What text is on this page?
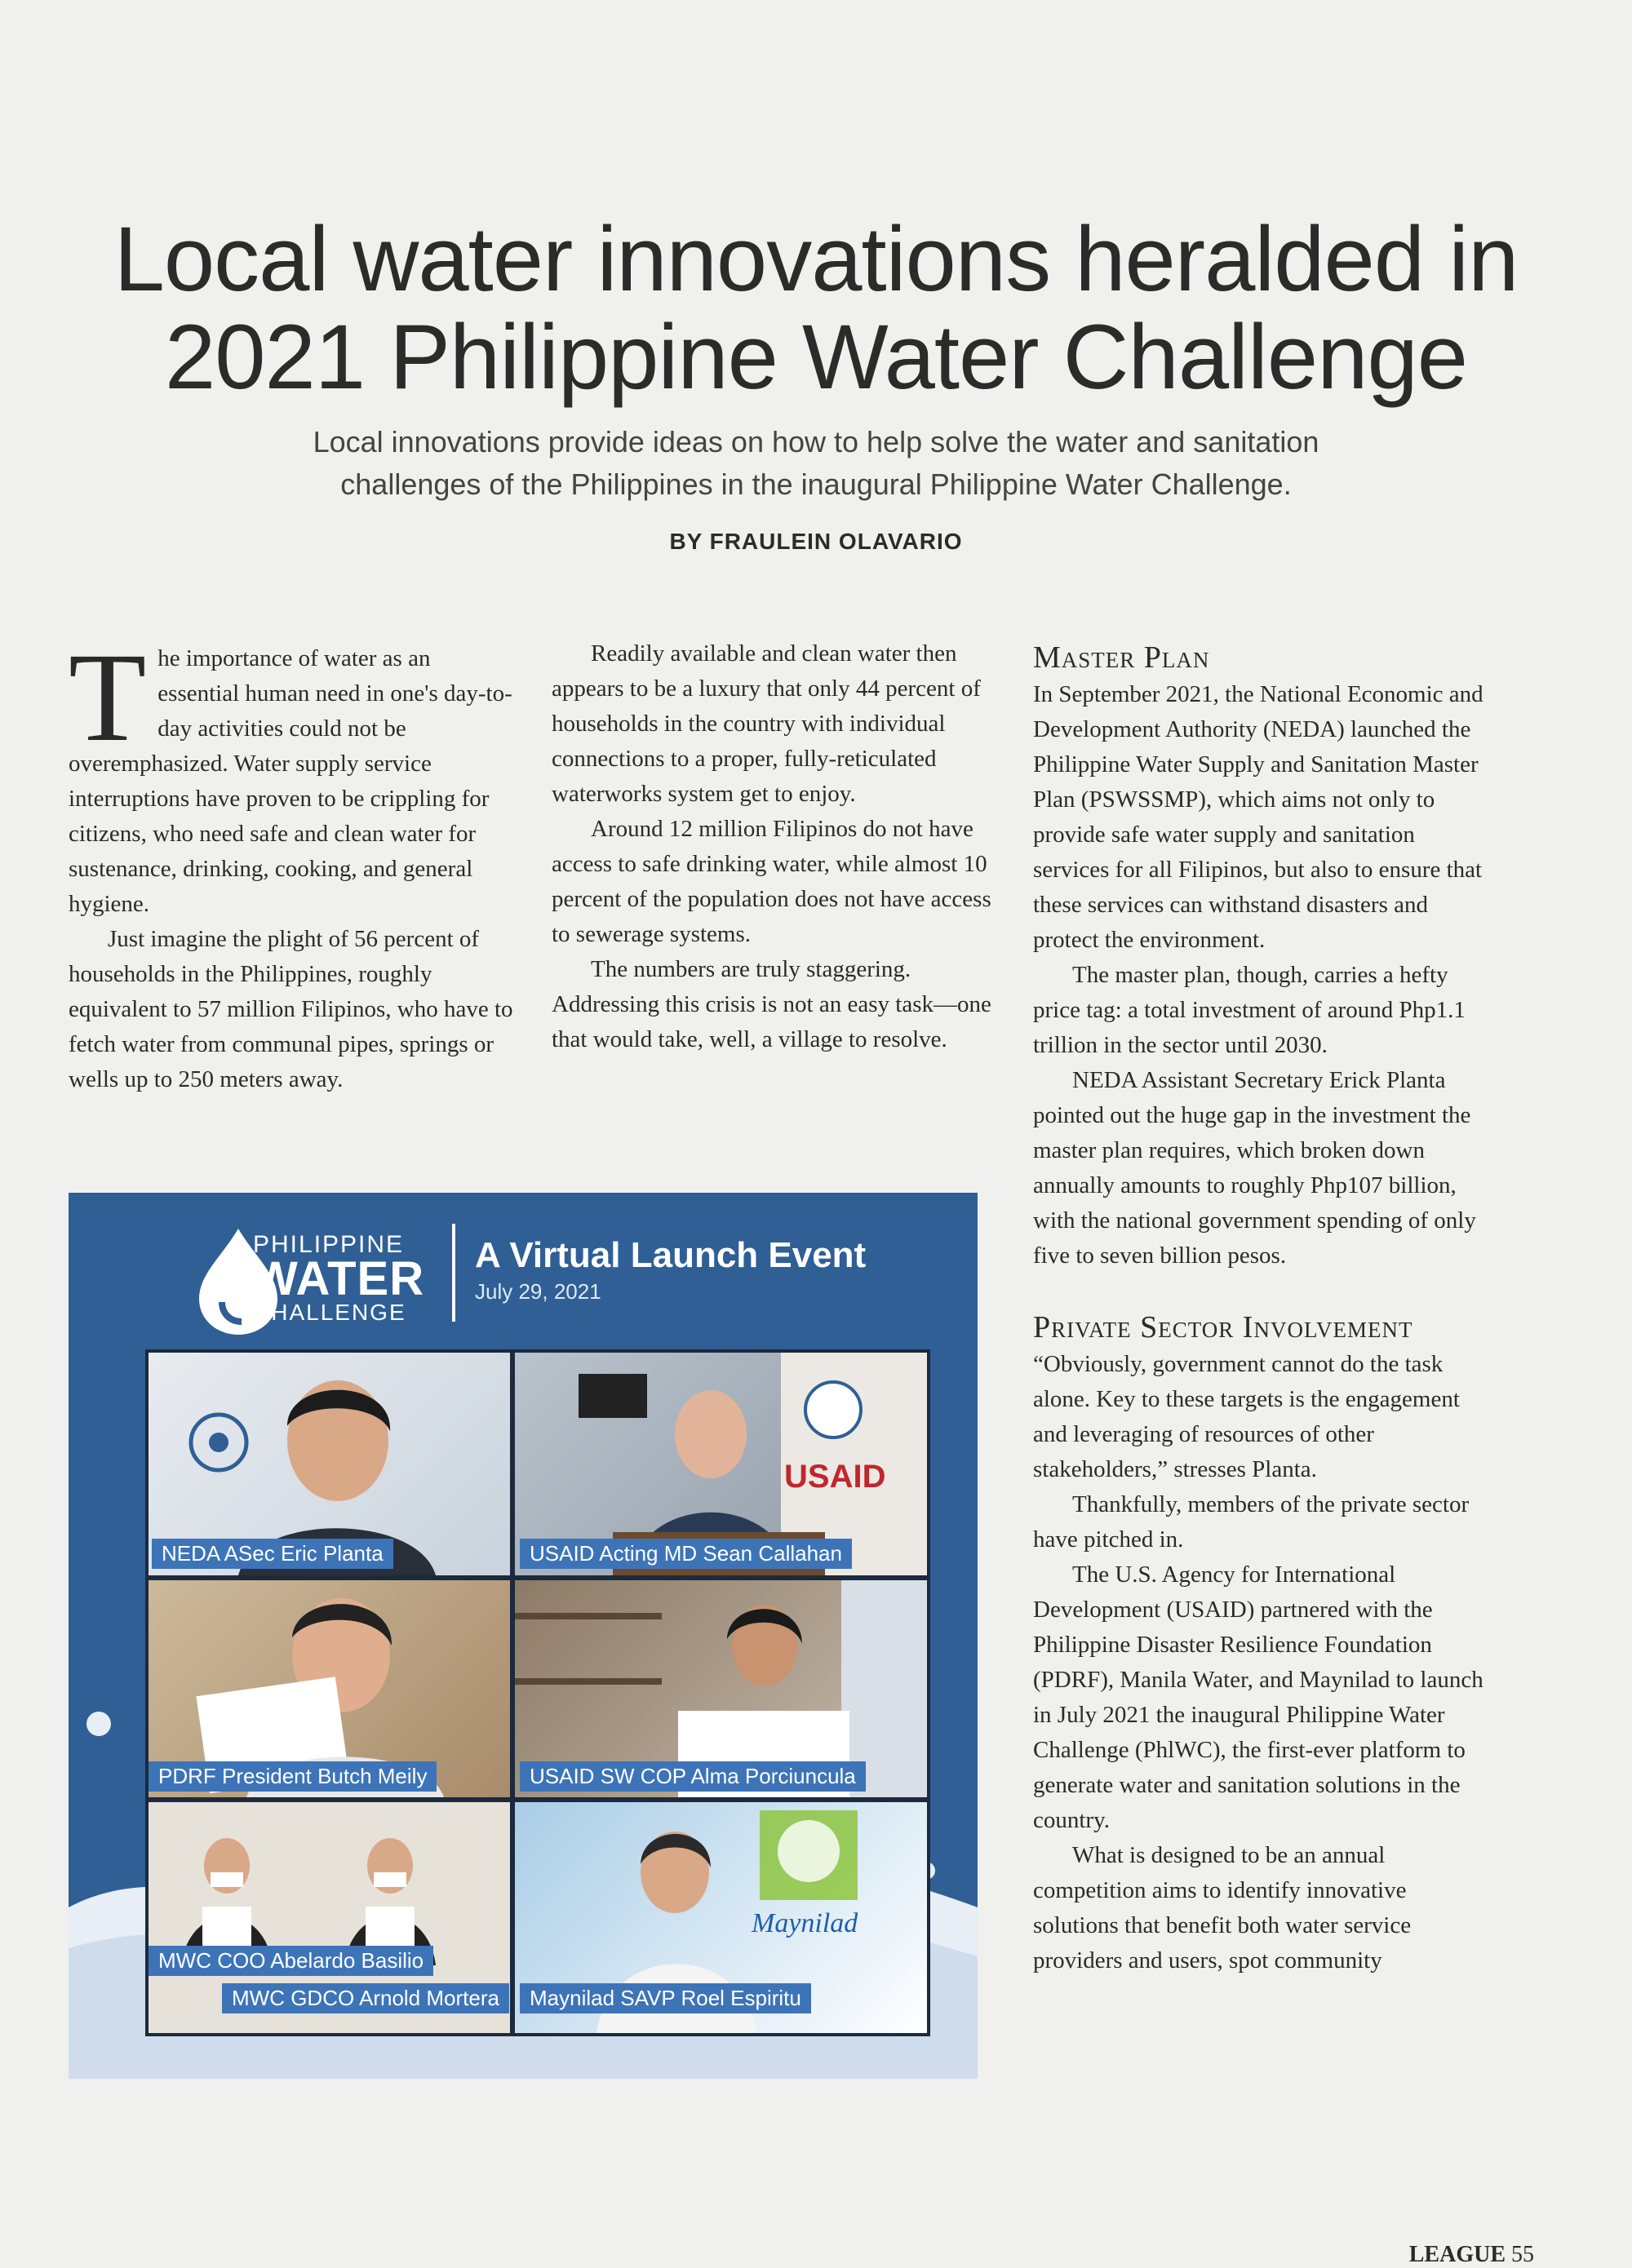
Local water innovations heralded in
2021 Philippine Water Challenge

Local innovations provide ideas on how to help solve the water and sanitation
challenges of the Philippines in the inaugural Philippine Water Challenge.

BY FRAULEIN OLAVARIO

The importance of water as an essential human need in one's day-to-day activities could not be overemphasized. Water supply service interruptions have proven to be crippling for citizens, who need safe and clean water for sustenance, drinking, cooking, and general hygiene.

Just imagine the plight of 56 percent of households in the Philippines, roughly equivalent to 57 million Filipinos, who have to fetch water from communal pipes, springs or wells up to 250 meters away.

Readily available and clean water then appears to be a luxury that only 44 percent of households in the country with individual connections to a proper, fully-reticulated waterworks system get to enjoy.

Around 12 million Filipinos do not have access to safe drinking water, while almost 10 percent of the population does not have access to sewerage systems.

The numbers are truly staggering. Addressing this crisis is not an easy task—one that would take, well, a village to resolve.

Master Plan

In September 2021, the National Economic and Development Authority (NEDA) launched the Philippine Water Supply and Sanitation Master Plan (PSWSSMP), which aims not only to provide safe water supply and sanitation services for all Filipinos, but also to ensure that these services can withstand disasters and protect the environment.

The master plan, though, carries a hefty price tag: a total investment of around Php1.1 trillion in the sector until 2030.

NEDA Assistant Secretary Erick Planta pointed out the huge gap in the investment the master plan requires, which broken down annually amounts to roughly Php107 billion, with the national government spending of only five to seven billion pesos.

Private Sector Involvement

“Obviously, government cannot do the task alone. Key to these targets is the engagement and leveraging of resources of other stakeholders,” stresses Planta.

Thankfully, members of the private sector have pitched in.

The U.S. Agency for International Development (USAID) partnered with the Philippine Disaster Resilience Foundation (PDRF), Manila Water, and Maynilad to launch in July 2021 the inaugural Philippine Water Challenge (PhlWC), the first-ever platform to generate water and sanitation solutions in the country.

What is designed to be an annual competition aims to identify innovative solutions that benefit both water service providers and users, spot community

PHILIPPINE
WATER
CHALLENGE
A Virtual Launch Event
July 29, 2021
NEDA ASec Eric Planta
USAID
USAID Acting MD Sean Callahan
PDRF President Butch Meily	USAID SW COP Alma Porciuncula
MWC COO Abelardo Basilio
MWC GDCO Arnold Mortera
Maynilad
Maynilad SAVP Roel Espiritu
LEAGUE 55
